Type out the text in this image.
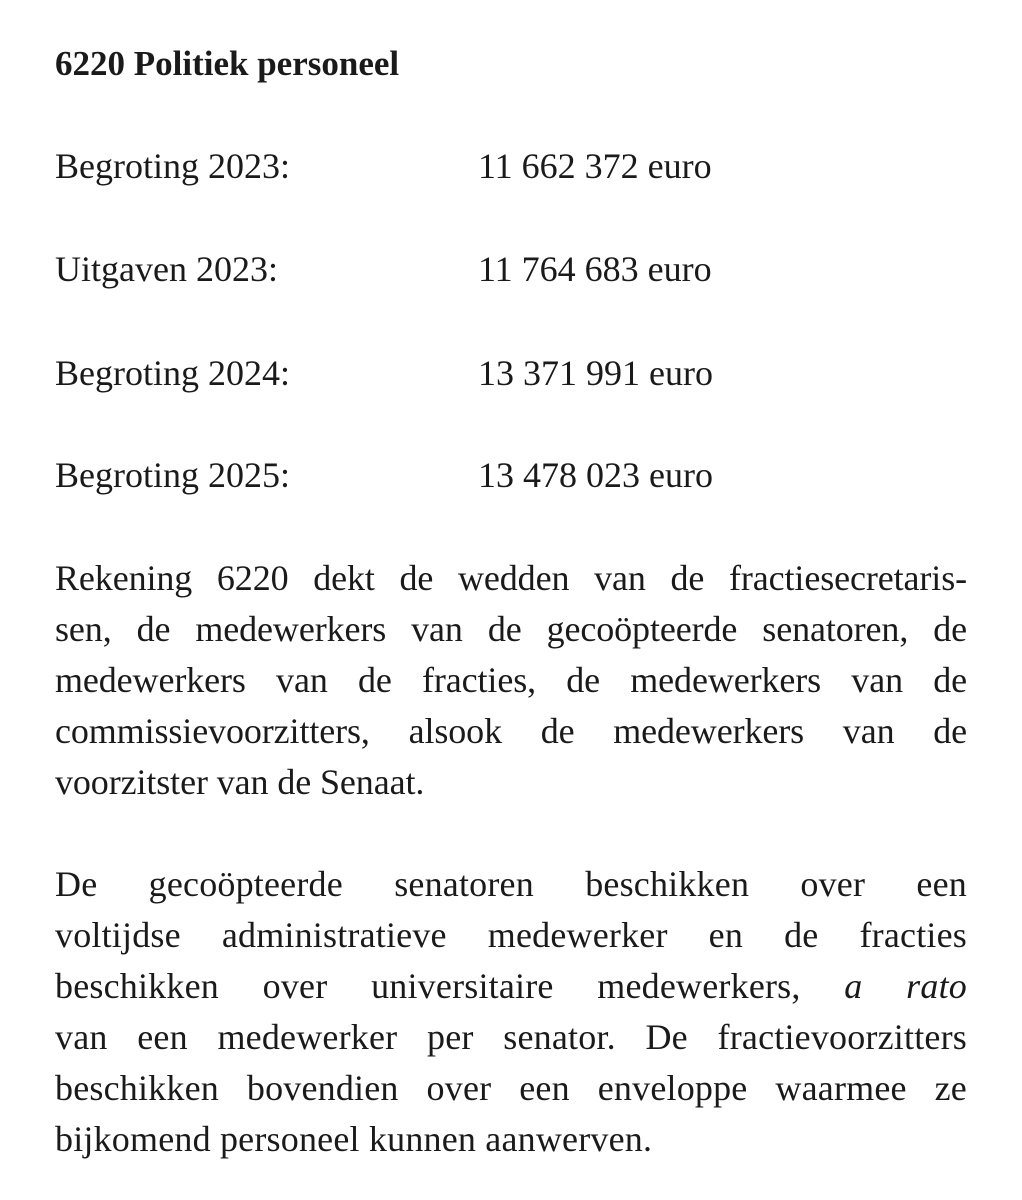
6220 Politiek personeel
Begroting 2023:	11 662 372 euro
Uitgaven 2023:	11 764 683 euro
Begroting 2024:	13 371 991 euro
Begroting 2025:	13 478 023 euro

Rekening 6220 dekt de wedden van de fractiesecretaris-
sen, de medewerkers van de gecoöpteerde senatoren, de
medewerkers van de fracties, de medewerkers van de
commissievoorzitters, alsook de medewerkers van de
voorzitster van de Senaat.

De gecoöpteerde senatoren beschikken over een
voltijdse administratieve medewerker en de fracties
beschikken over universitaire medewerkers, a rato
van een medewerker per senator. De fractievoorzitters
beschikken bovendien over een enveloppe waarmee ze
bijkomend personeel kunnen aanwerven.
